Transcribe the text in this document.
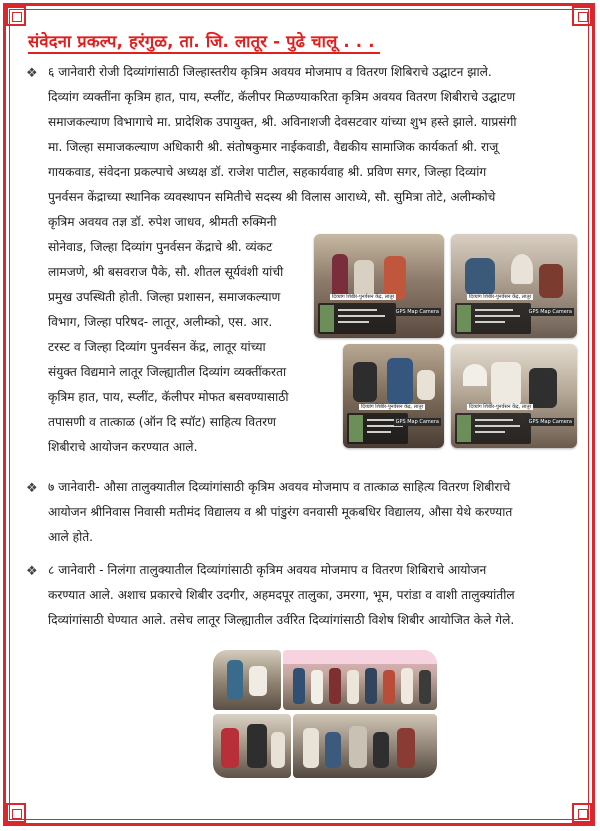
संवेदना प्रकल्प, हरंगुळ, ता. जि. लातूर - पुढे चालू . . .
❖ ६ जानेवारी रोजी दिव्यांगांसाठी जिल्हास्तरीय कृत्रिम अवयव मोजमाप व वितरण शिबिराचे उद्घाटन झाले.
दिव्यांग व्यक्तींना कृत्रिम हात, पाय, स्प्लींट, कॅलीपर मिळण्याकरिता कृत्रिम अवयव वितरण शिबीराचे उद्घाटण
समाजकल्याण विभागाचे मा. प्रादेशिक उपायुक्त, श्री. अविनाशजी देवसटवार यांच्या शुभ हस्ते झाले. याप्रसंगी
मा. जिल्हा समाजकल्याण अधिकारी श्री. संतोषकुमार नाईकवाडी, वैद्यकीय सामाजिक कार्यकर्ता श्री. राजू
गायकवाड, संवेदना प्रकल्पाचे अध्यक्ष डॉ. राजेश पाटील, सहकार्यवाह श्री. प्रविण सगर, जिल्हा दिव्यांग
पुनर्वसन केंद्राच्या स्थानिक व्यवस्थापन समितीचे सदस्य श्री विलास आराध्ये, सौ. सुमित्रा तोटे, अलीम्कोचे
कृत्रिम अवयव तज्ञ डॉ. रुपेश जाधव, श्रीमती रुक्मिनी
सोनेवाड, जिल्हा दिव्यांग पुनर्वसन केंद्राचे श्री. व्यंकट
लामजणे, श्री बसवराज पैके, सौ. शीतल सूर्यवंशी यांची
प्रमुख उपस्थिती होती. जिल्हा प्रशासन, समाजकल्याण
विभाग, जिल्हा परिषद- लातूर, अलीम्को, एस. आर.
टरस्ट व जिल्हा दिव्यांग पुनर्वसन केंद्र, लातूर यांच्या
संयुक्त विद्यमाने लातूर जिल्ह्यातील दिव्यांग व्यक्तींकरता
कृत्रिम हात, पाय, स्प्लींट, कॅलीपर मोफत बसवण्यासाठी
तपासणी व तात्काळ (ऑन दि स्पॉट) साहित्य वितरण
शिबीराचे आयोजन करण्यात आले.
दिव्यांग शिबीर-पुनर्वसन केंद्र, लातूर
GPS Map Camera
दिव्यांग शिबीर-पुनर्वसन केंद्र, लातूर
GPS Map Camera
दिव्यांग शिबीर-पुनर्वसन केंद्र, लातूर
GPS Map Camera
दिव्यांग शिबीर-पुनर्वसन केंद्र, लातूर
GPS Map Camera
❖ ७ जानेवारी- औसा तालुक्यातील दिव्यांगांसाठी कृत्रिम अवयव मोजमाप व तात्काळ साहित्य वितरण शिबीराचे
आयोजन श्रीनिवास निवासी मतीमंद विद्यालय व श्री पांडुरंग वनवासी मूकबधिर विद्यालय, औसा येथे करण्यात
आले होते.
❖ ८ जानेवारी - निलंगा तालुक्यातील दिव्यांगांसाठी कृत्रिम अवयव मोजमाप व वितरण शिबिराचे आयोजन
करण्यात आले. अशाच प्रकारचे शिबीर उदगीर, अहमदपूर तालुका, उमरगा, भूम, परांडा व वाशी तालुक्यांतील
दिव्यांगांसाठी घेण्यात आले. तसेच लातूर जिल्ह्यातील उर्वरित दिव्यांगांसाठी विशेष शिबीर आयोजित केले गेले.
